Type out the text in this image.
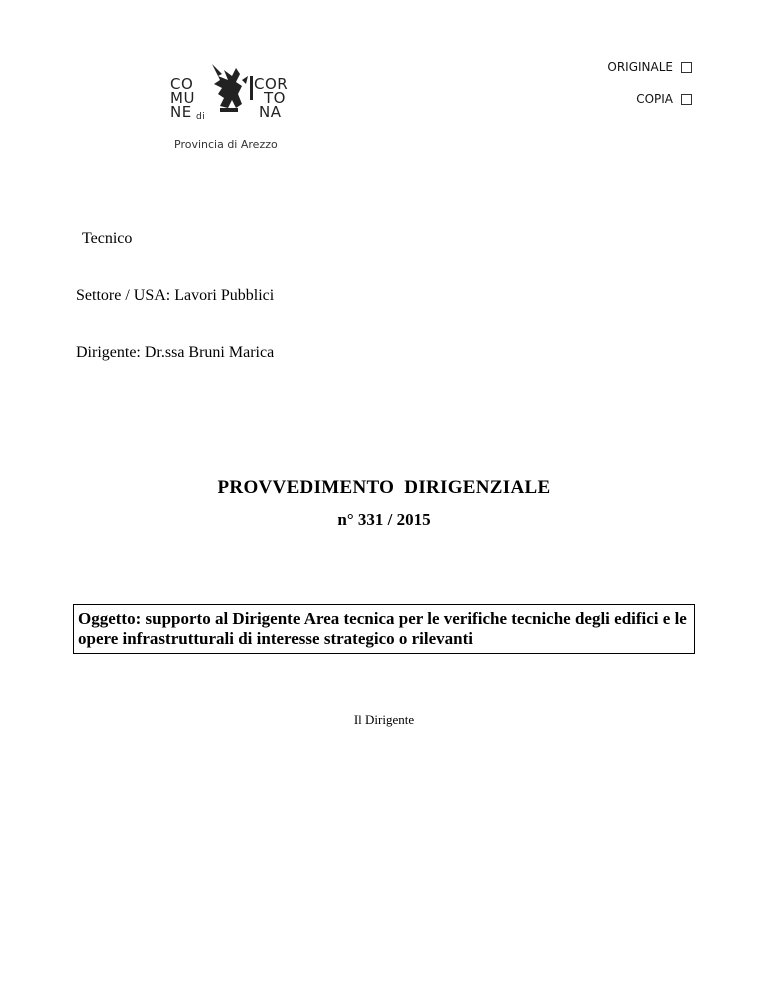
CO
MU
NE di
COR
TO
NA
Provincia di Arezzo
ORIGINALE
COPIA
Tecnico
Settore / USA: Lavori Pubblici
Dirigente: Dr.ssa Bruni Marica
PROVVEDIMENTO  DIRIGENZIALE
n° 331 / 2015
Oggetto: supporto al Dirigente Area tecnica per le verifiche tecniche degli edifici e le opere infrastrutturali di interesse strategico o rilevanti
Il Dirigente
